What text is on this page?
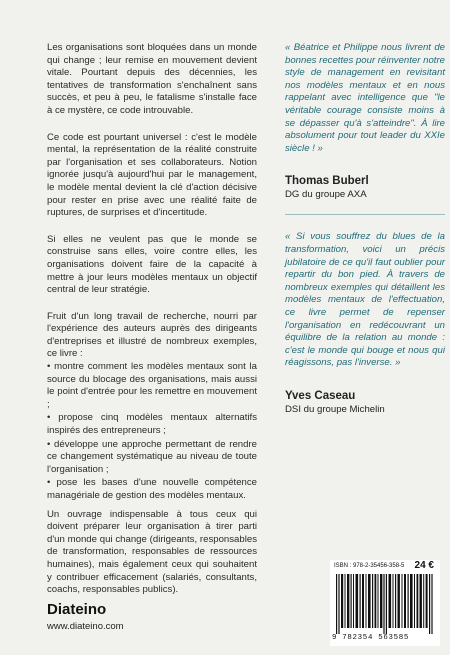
Les organisations sont bloquées dans un monde qui change ; leur remise en mouvement devient vitale. Pourtant depuis des décennies, les tentatives de transformation s'enchaînent sans succès, et peu à peu, le fatalisme s'installe face à ce mystère, ce code introuvable.

Ce code est pourtant universel : c'est le modèle mental, la représentation de la réalité construite par l'organisation et ses collaborateurs. Notion ignorée jusqu'à aujourd'hui par le management, le modèle mental devient la clé d'action décisive pour rester en prise avec une réalité faite de ruptures, de surprises et d'incertitude.

Si elles ne veulent pas que le monde se construise sans elles, voire contre elles, les organisations doivent faire de la capacité à mettre à jour leurs modèles mentaux un objectif central de leur stratégie.

Fruit d'un long travail de recherche, nourri par l'expérience des auteurs auprès des dirigeants d'entreprises et illustré de nombreux exemples, ce livre :

• montre comment les modèles mentaux sont la source du blocage des organisations, mais aussi le point d'entrée pour les remettre en mouvement ;
• propose cinq modèles mentaux alternatifs inspirés des entrepreneurs ;
• développe une approche permettant de rendre ce changement systématique au niveau de toute l'organisation ;
• pose les bases d'une nouvelle compétence managériale de gestion des modèles mentaux.

Un ouvrage indispensable à tous ceux qui doivent préparer leur organisation à tirer parti d'un monde qui change (dirigeants, responsables de transformation, responsables de ressources humaines), mais également ceux qui souhaitent y contribuer efficacement (salariés, consultants, coachs, responsables publics).

« Béatrice et Philippe nous livrent de bonnes recettes pour réinventer notre style de management en revisitant nos modèles mentaux et en nous rappelant avec intelligence que "le véritable courage consiste moins à se dépasser qu'à s'atteindre". À lire absolument pour tout leader du XXIe siècle ! »

Thomas Buberl

DG du groupe AXA

« Si vous souffrez du blues de la transformation, voici un précis jubilatoire de ce qu'il faut oublier pour repartir du bon pied. À travers de nombreux exemples qui détaillent les modèles mentaux de l'effectuation, ce livre permet de repenser l'organisation en redécouvrant un équilibre de la relation au monde : c'est le monde qui bouge et nous qui réagissons, pas l'inverse. »

Yves Caseau

DSI du groupe Michelin

Diateino
www.diateino.com
ISBN : 978-2-35456-358-5 24 €
9 782354 563585
